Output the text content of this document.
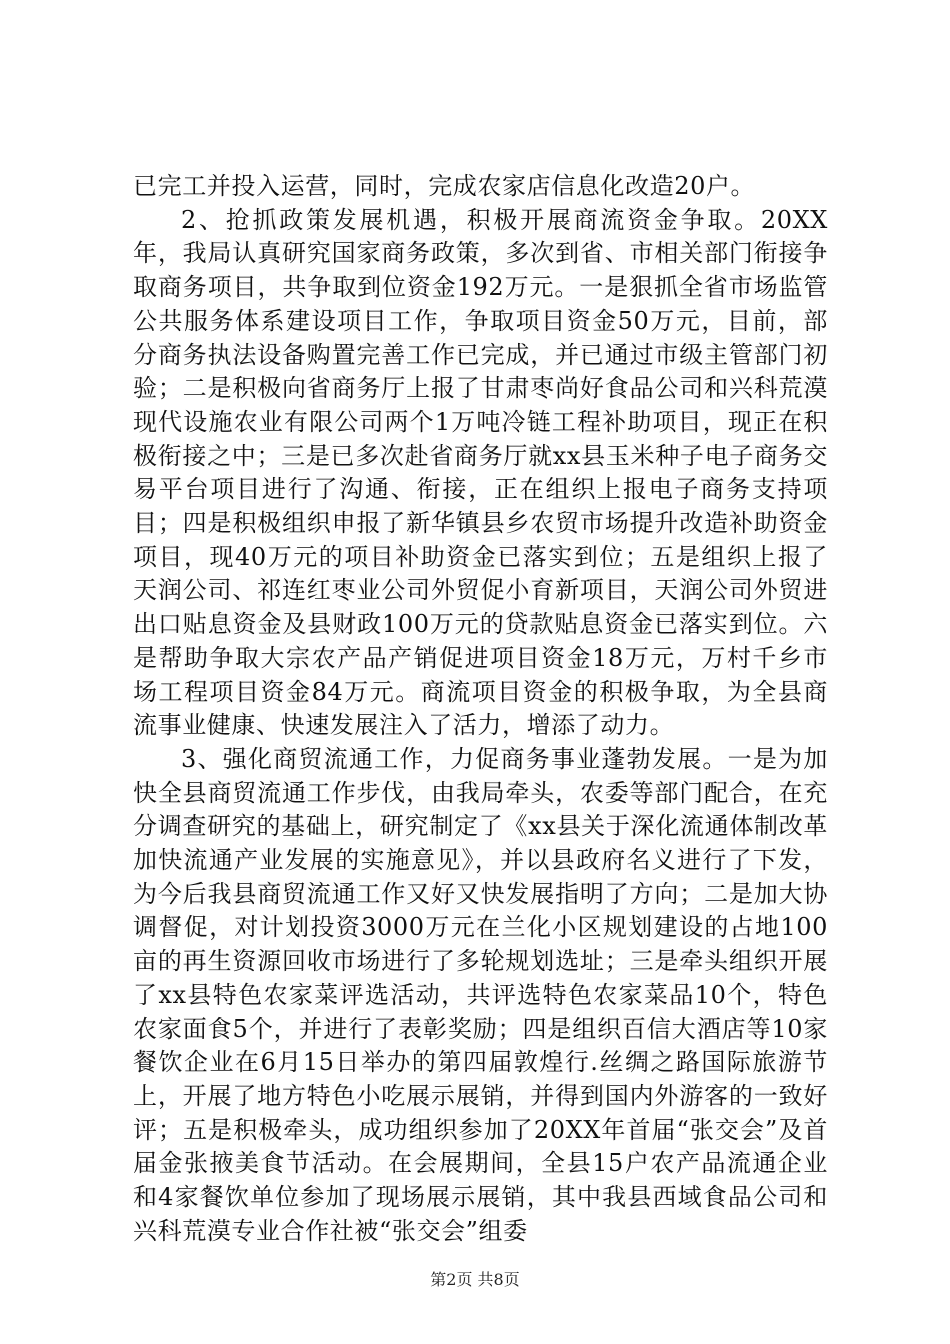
已完工并投入运营，同时，完成农家店信息化改造20户。

2、抢抓政策发展机遇，积极开展商流资金争取。20XX年，我局认真研究国家商务政策，多次到省、市相关部门衔接争取商务项目，共争取到位资金192万元。一是狠抓全省市场监管公共服务体系建设项目工作，争取项目资金50万元，目前，部分商务执法设备购置完善工作已完成，并已通过市级主管部门初验；二是积极向省商务厅上报了甘肃枣尚好食品公司和兴科荒漠现代设施农业有限公司两个1万吨冷链工程补助项目，现正在积极衔接之中；三是已多次赴省商务厅就xx县玉米种子电子商务交易平台项目进行了沟通、衔接，正在组织上报电子商务支持项目；四是积极组织申报了新华镇县乡农贸市场提升改造补助资金项目，现40万元的项目补助资金已落实到位；五是组织上报了天润公司、祁连红枣业公司外贸促小育新项目，天润公司外贸进出口贴息资金及县财政100万元的贷款贴息资金已落实到位。六是帮助争取大宗农产品产销促进项目资金18万元，万村千乡市场工程项目资金84万元。商流项目资金的积极争取，为全县商流事业健康、快速发展注入了活力，增添了动力。

3、强化商贸流通工作，力促商务事业蓬勃发展。一是为加快全县商贸流通工作步伐，由我局牵头，农委等部门配合，在充分调查研究的基础上，研究制定了《xx县关于深化流通体制改革加快流通产业发展的实施意见》，并以县政府名义进行了下发，为今后我县商贸流通工作又好又快发展指明了方向；二是加大协调督促，对计划投资3000万元在兰化小区规划建设的占地100亩的再生资源回收市场进行了多轮规划选址；三是牵头组织开展了xx县特色农家菜评选活动，共评选特色农家菜品10个，特色农家面食5个，并进行了表彰奖励；四是组织百信大酒店等10家餐饮企业在6月15日举办的第四届敦煌行.丝绸之路国际旅游节上，开展了地方特色小吃展示展销，并得到国内外游客的一致好评；五是积极牵头，成功组织参加了20XX年首届“张交会”及首届金张掖美食节活动。在会展期间，全县15户农产品流通企业和4家餐饮单位参加了现场展示展销，其中我县西域食品公司和兴科荒漠专业合作社被“张交会”组委

第2页 共8页
